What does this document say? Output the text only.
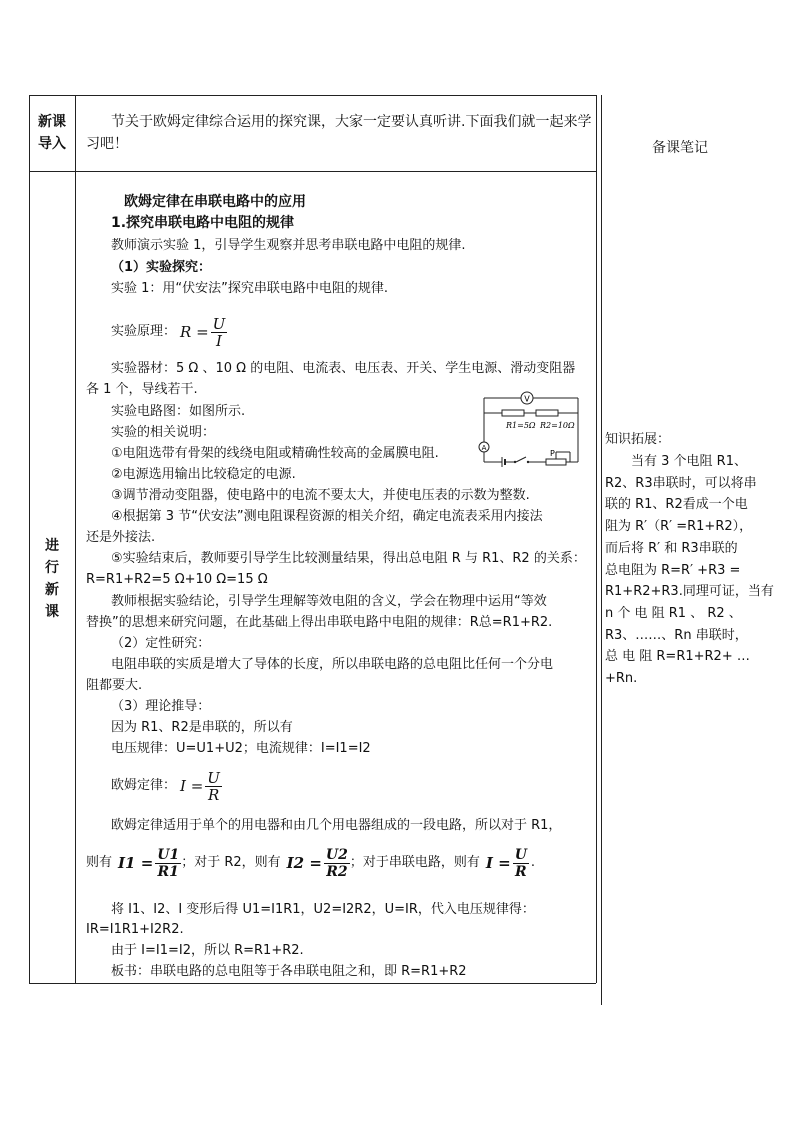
新课
导入
节关于欧姆定律综合运用的探究课，大家一定要认真听讲.下面我们就一起来学
习吧！
进
行
新
课
备课笔记
知识拓展：
当有 3 个电阻 R1、
R2、R3串联时，可以将串
联的 R1、R2看成一个电
阻为 R′（R′ =R1+R2），
而后将 R′ 和 R3串联的
总电阻为 R=R′ +R3 =
R1+R2+R3.同理可证，当有
n 个 电 阻 R1 、 R2 、
R3、……、Rn 串联时，
总 电 阻 R=R1+R2+ …
+Rn.
欧姆定律在串联电路中的应用
1.探究串联电路中电阻的规律
教师演示实验 1，引导学生观察并思考串联电路中电阻的规律.
（1）实验探究：
实验 1：用“伏安法”探究串联电路中电阻的规律.
实验原理： $R = \frac{U}{I}$
实验器材：5 Ω 、10 Ω 的电阻、电流表、电压表、开关、学生电源、滑动变阻器
各 1 个，导线若干.
实验电路图：如图所示.
实验的相关说明：
①电阻选带有骨架的线绕电阻或精确性较高的金属膜电阻.
②电源选用输出比较稳定的电源.
③调节滑动变阻器，使电路中的电流不要太大，并使电压表的示数为整数.
④根据第 3 节“伏安法”测电阻课程资源的相关介绍，确定电流表采用内接法
还是外接法.
⑤实验结束后，教师要引导学生比较测量结果，得出总电阻 R 与 R1、R2 的关系：
R=R1+R2=5 Ω+10 Ω=15 Ω
教师根据实验结论，引导学生理解等效电阻的含义，学会在物理中运用“等效
替换”的思想来研究问题，在此基础上得出串联电路中电阻的规律：R总=R1+R2.
（2）定性研究：
电阻串联的实质是增大了导体的长度，所以串联电路的总电阻比任何一个分电
阻都要大.
（3）理论推导：
因为 R1、R2是串联的，所以有
电压规律：U=U1+U2；电流规律：I=I1=I2
欧姆定律： $I = \frac{U}{R}$
欧姆定律适用于单个的用电器和由几个用电器组成的一段电路，所以对于 R1，
则有 $I1 = \frac{U1}{R1}$ ；对于 R2，则有 $I2 = \frac{U2}{R2}$ ；对于串联电路，则有 $I = \frac{U}{R}$ .
将 I1、I2、I 变形后得 U1=I1R1，U2=I2R2，U=IR，代入电压规律得：
IR=I1R1+I2R2.
由于 I=I1=I2，所以 R=R1+R2.
板书：串联电路的总电阻等于各串联电阻之和，即 R=R1+R2
V
R1=5Ω R2=10Ω
A
P
